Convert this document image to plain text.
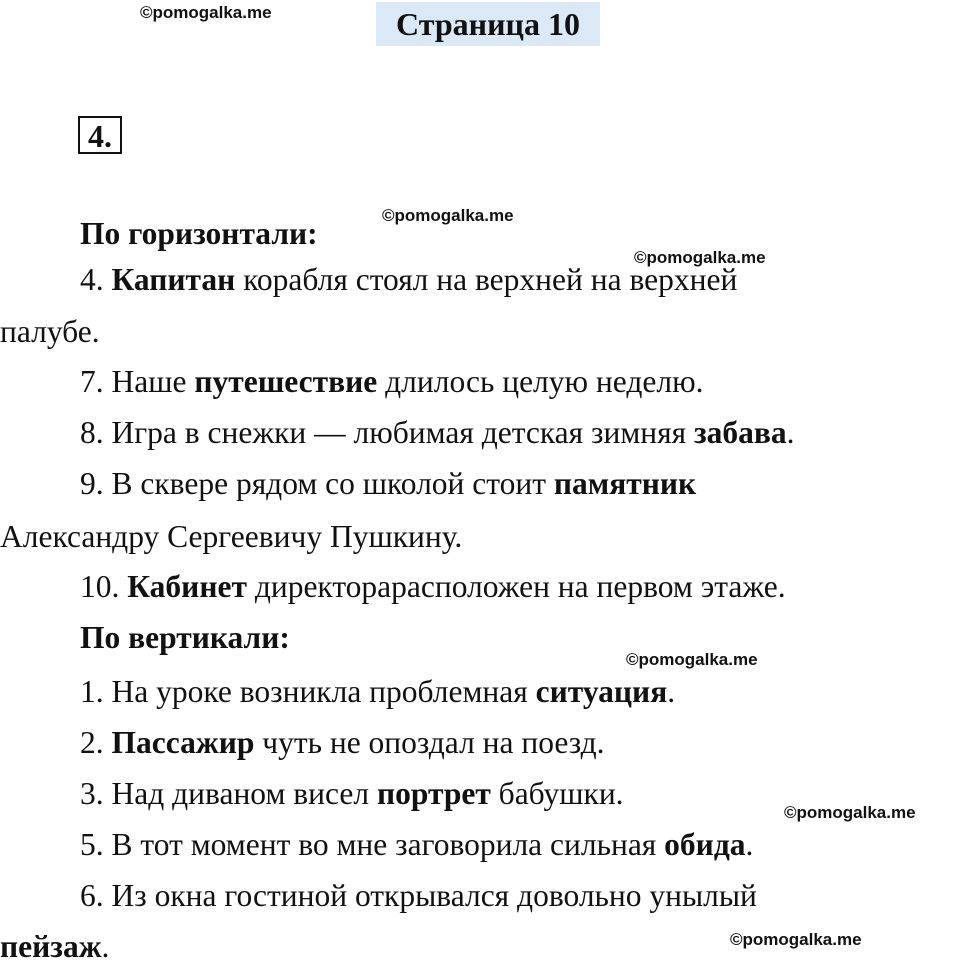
©pomogalka.me
©pomogalka.me
©pomogalka.me
©pomogalka.me
©pomogalka.me
©pomogalka.me
Страница 10
4.
По горизонтали:
4. Капитан корабля стоял на верхней на верхней
палубе.
7. Наше путешествие длилось целую неделю.
8. Игра в снежки — любимая детская зимняя забава.
9. В сквере рядом со школой стоит памятник
Александру Сергеевичу Пушкину.
10. Кабинет директорарасположен на первом этаже.
По вертикали:
1. На уроке возникла проблемная ситуация.
2. Пассажир чуть не опоздал на поезд.
3. Над диваном висел портрет бабушки.
5. В тот момент во мне заговорила сильная обида.
6. Из окна гостиной открывался довольно унылый
пейзаж.
